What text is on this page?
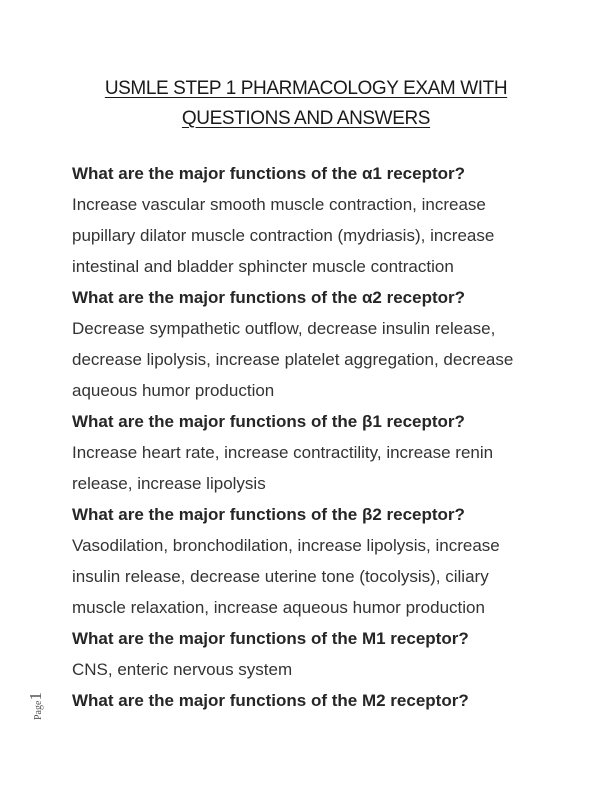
USMLE STEP 1 PHARMACOLOGY EXAM WITH
QUESTIONS AND ANSWERS
What are the major functions of the α1 receptor?
Increase vascular smooth muscle contraction, increase
pupillary dilator muscle contraction (mydriasis), increase
intestinal and bladder sphincter muscle contraction
What are the major functions of the α2 receptor?
Decrease sympathetic outflow, decrease insulin release,
decrease lipolysis, increase platelet aggregation, decrease
aqueous humor production
What are the major functions of the β1 receptor?
Increase heart rate, increase contractility, increase renin
release, increase lipolysis
What are the major functions of the β2 receptor?
Vasodilation, bronchodilation, increase lipolysis, increase
insulin release, decrease uterine tone (tocolysis), ciliary
muscle relaxation, increase aqueous humor production
What are the major functions of the M1 receptor?
CNS, enteric nervous system
What are the major functions of the M2 receptor?
Page1
